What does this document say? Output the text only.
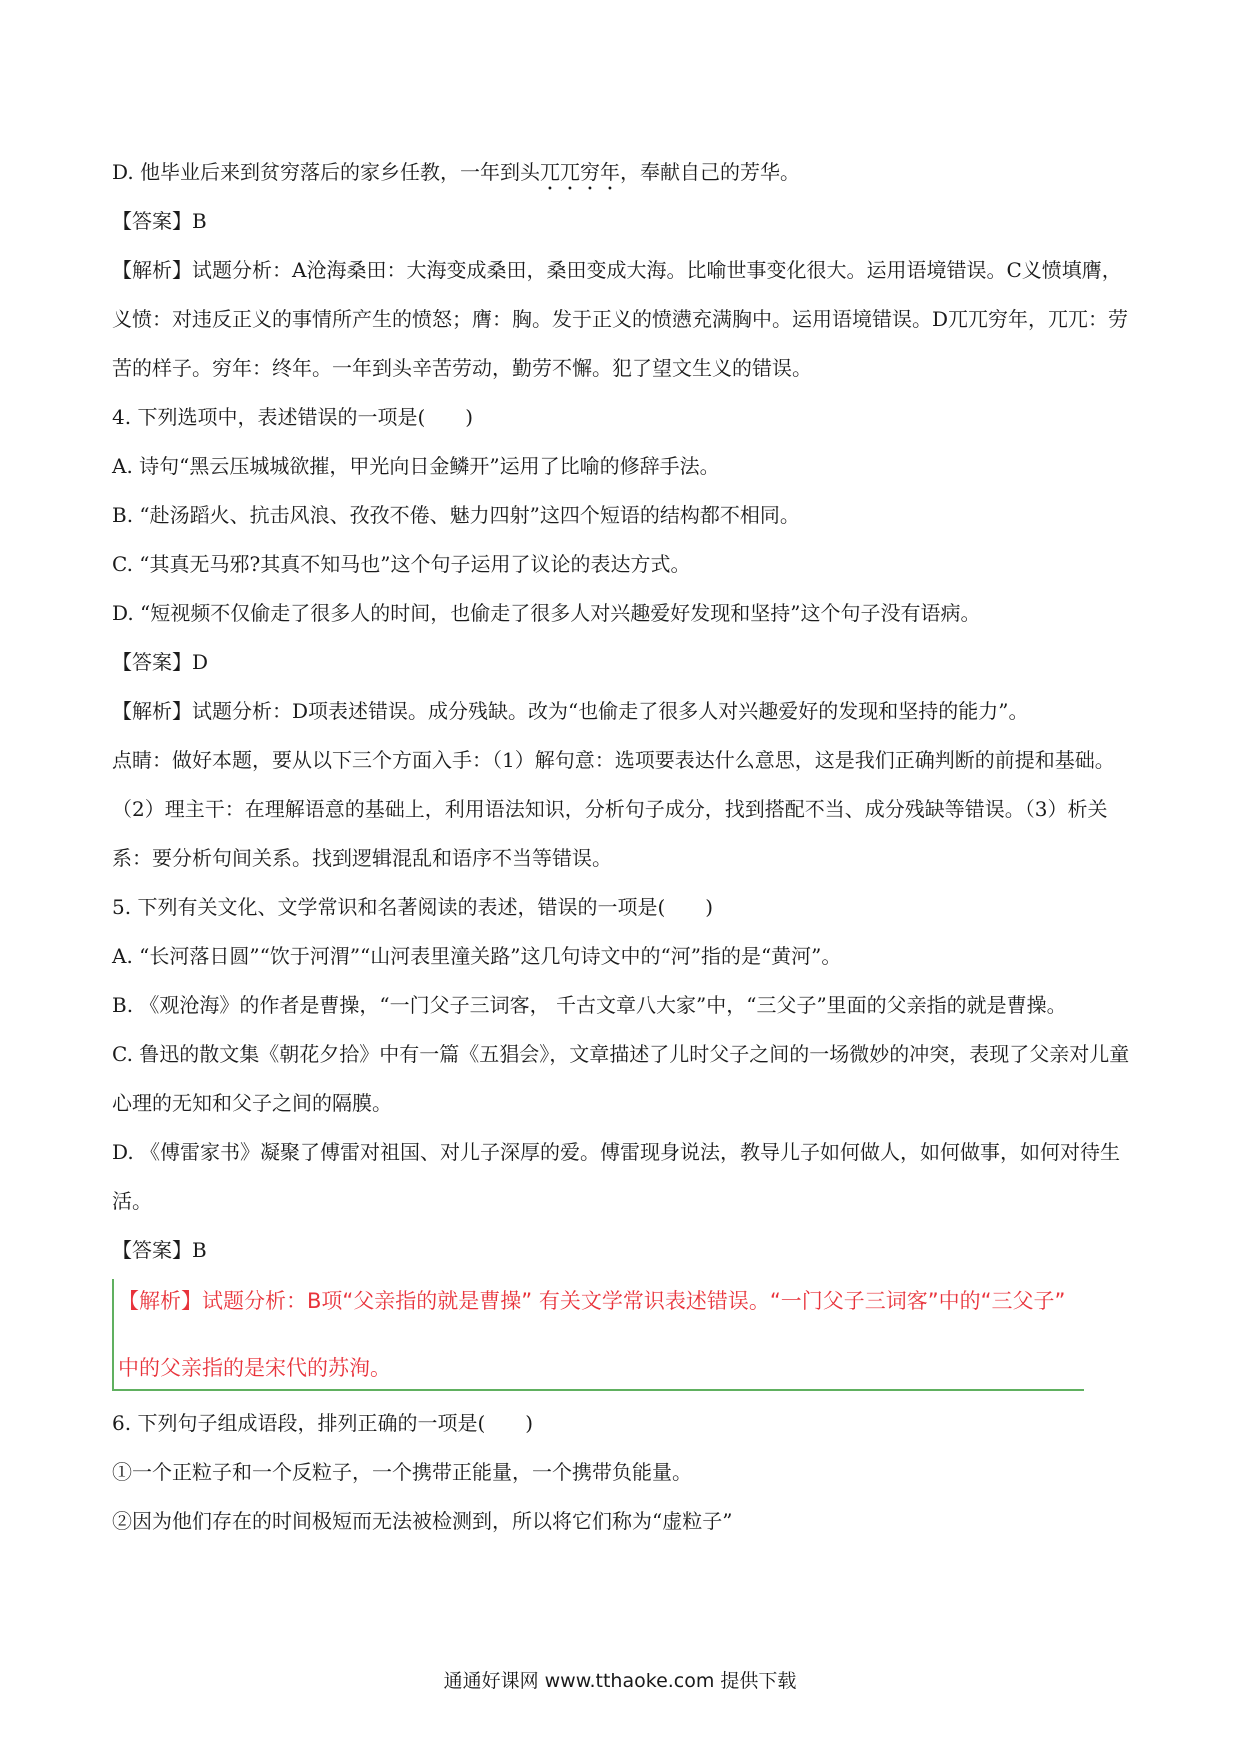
D. 他毕业后来到贫穷落后的家乡任教，一年到头兀兀穷年，奉献自己的芳华。

【答案】B

【解析】试题分析：A沧海桑田：大海变成桑田，桑田变成大海。比喻世事变化很大。运用语境错误。C义愤填膺，义愤：对违反正义的事情所产生的愤怒；膺：胸。发于正义的愤懑充满胸中。运用语境错误。D兀兀穷年，兀兀：劳苦的样子。穷年：终年。一年到头辛苦劳动，勤劳不懈。犯了望文生义的错误。

4. 下列选项中，表述错误的一项是(　　)

A. 诗句“黑云压城城欲摧，甲光向日金鳞开”运用了比喻的修辞手法。

B. “赴汤蹈火、抗击风浪、孜孜不倦、魅力四射”这四个短语的结构都不相同。

C. “其真无马邪?其真不知马也”这个句子运用了议论的表达方式。

D. “短视频不仅偷走了很多人的时间，也偷走了很多人对兴趣爱好发现和坚持”这个句子没有语病。

【答案】D

【解析】试题分析：D项表述错误。成分残缺。改为“也偷走了很多人对兴趣爱好的发现和坚持的能力”。

点睛：做好本题，要从以下三个方面入手：（1）解句意：选项要表达什么意思，这是我们正确判断的前提和基础。（2）理主干：在理解语意的基础上，利用语法知识，分析句子成分，找到搭配不当、成分残缺等错误。（3）析关系：要分析句间关系。找到逻辑混乱和语序不当等错误。

5. 下列有关文化、文学常识和名著阅读的表述，错误的一项是(　　)

A. “长河落日圆”“饮于河渭”“山河表里潼关路”这几句诗文中的“河”指的是“黄河”。

B. 《观沧海》的作者是曹操，“一门父子三词客， 千古文章八大家”中，“三父子”里面的父亲指的就是曹操。

C. 鲁迅的散文集《朝花夕拾》中有一篇《五猖会》，文章描述了儿时父子之间的一场微妙的冲突，表现了父亲对儿童心理的无知和父子之间的隔膜。

D. 《傅雷家书》凝聚了傅雷对祖国、对儿子深厚的爱。傅雷现身说法，教导儿子如何做人，如何做事，如何对待生活。

【答案】B

【解析】试题分析：B项“父亲指的就是曹操” 有关文学常识表述错误。“一门父子三词客”中的“三父子”
中的父亲指的是宋代的苏洵。

6. 下列句子组成语段，排列正确的一项是(　　)

①一个正粒子和一个反粒子，一个携带正能量，一个携带负能量。

②因为他们存在的时间极短而无法被检测到，所以将它们称为“虚粒子”

通通好课网 www.tthaoke.com 提供下载
